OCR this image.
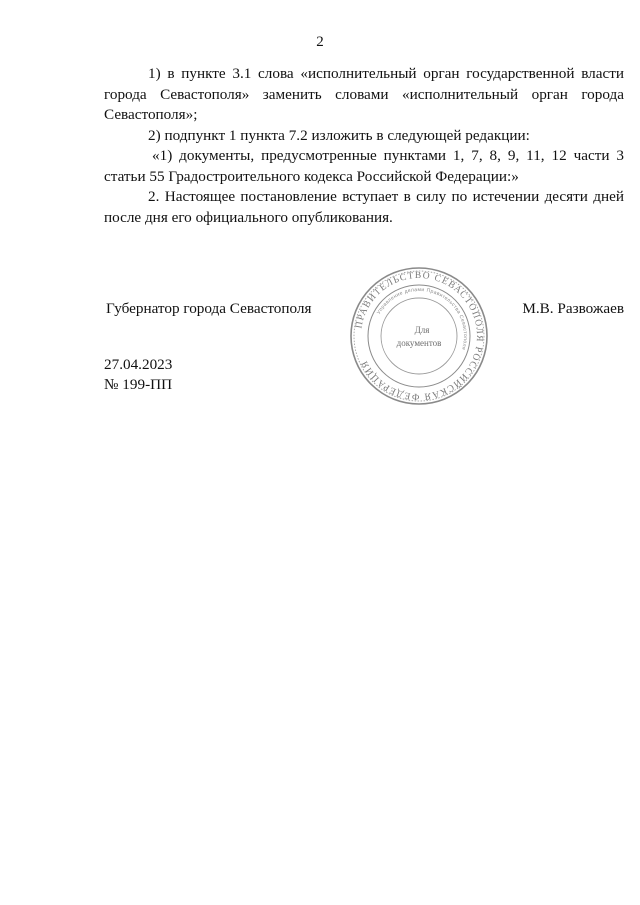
2

1) в пункте 3.1 слова «исполнительный орган государственной власти города Севастополя» заменить словами «исполнительный орган города Севастополя»;

2) подпункт 1 пункта 7.2 изложить в следующей редакции:

«1) документы, предусмотренные пунктами 1, 7, 8, 9, 11, 12 части 3 статьи 55 Градостроительного кодекса Российской Федерации:»

2. Настоящее постановление вступает в силу по истечении десяти дней после дня его официального опубликования.

Губернатор города Севастополя	М.В. Развожаев
ПРАВИТЕЛЬСТВО СЕВАСТОПОЛЯ РОССИЙСКАЯ ФЕДЕРАЦИЯ
Управление делами Правительства Севастополя
Для
документов
27.04.2023
№ 199-ПП
